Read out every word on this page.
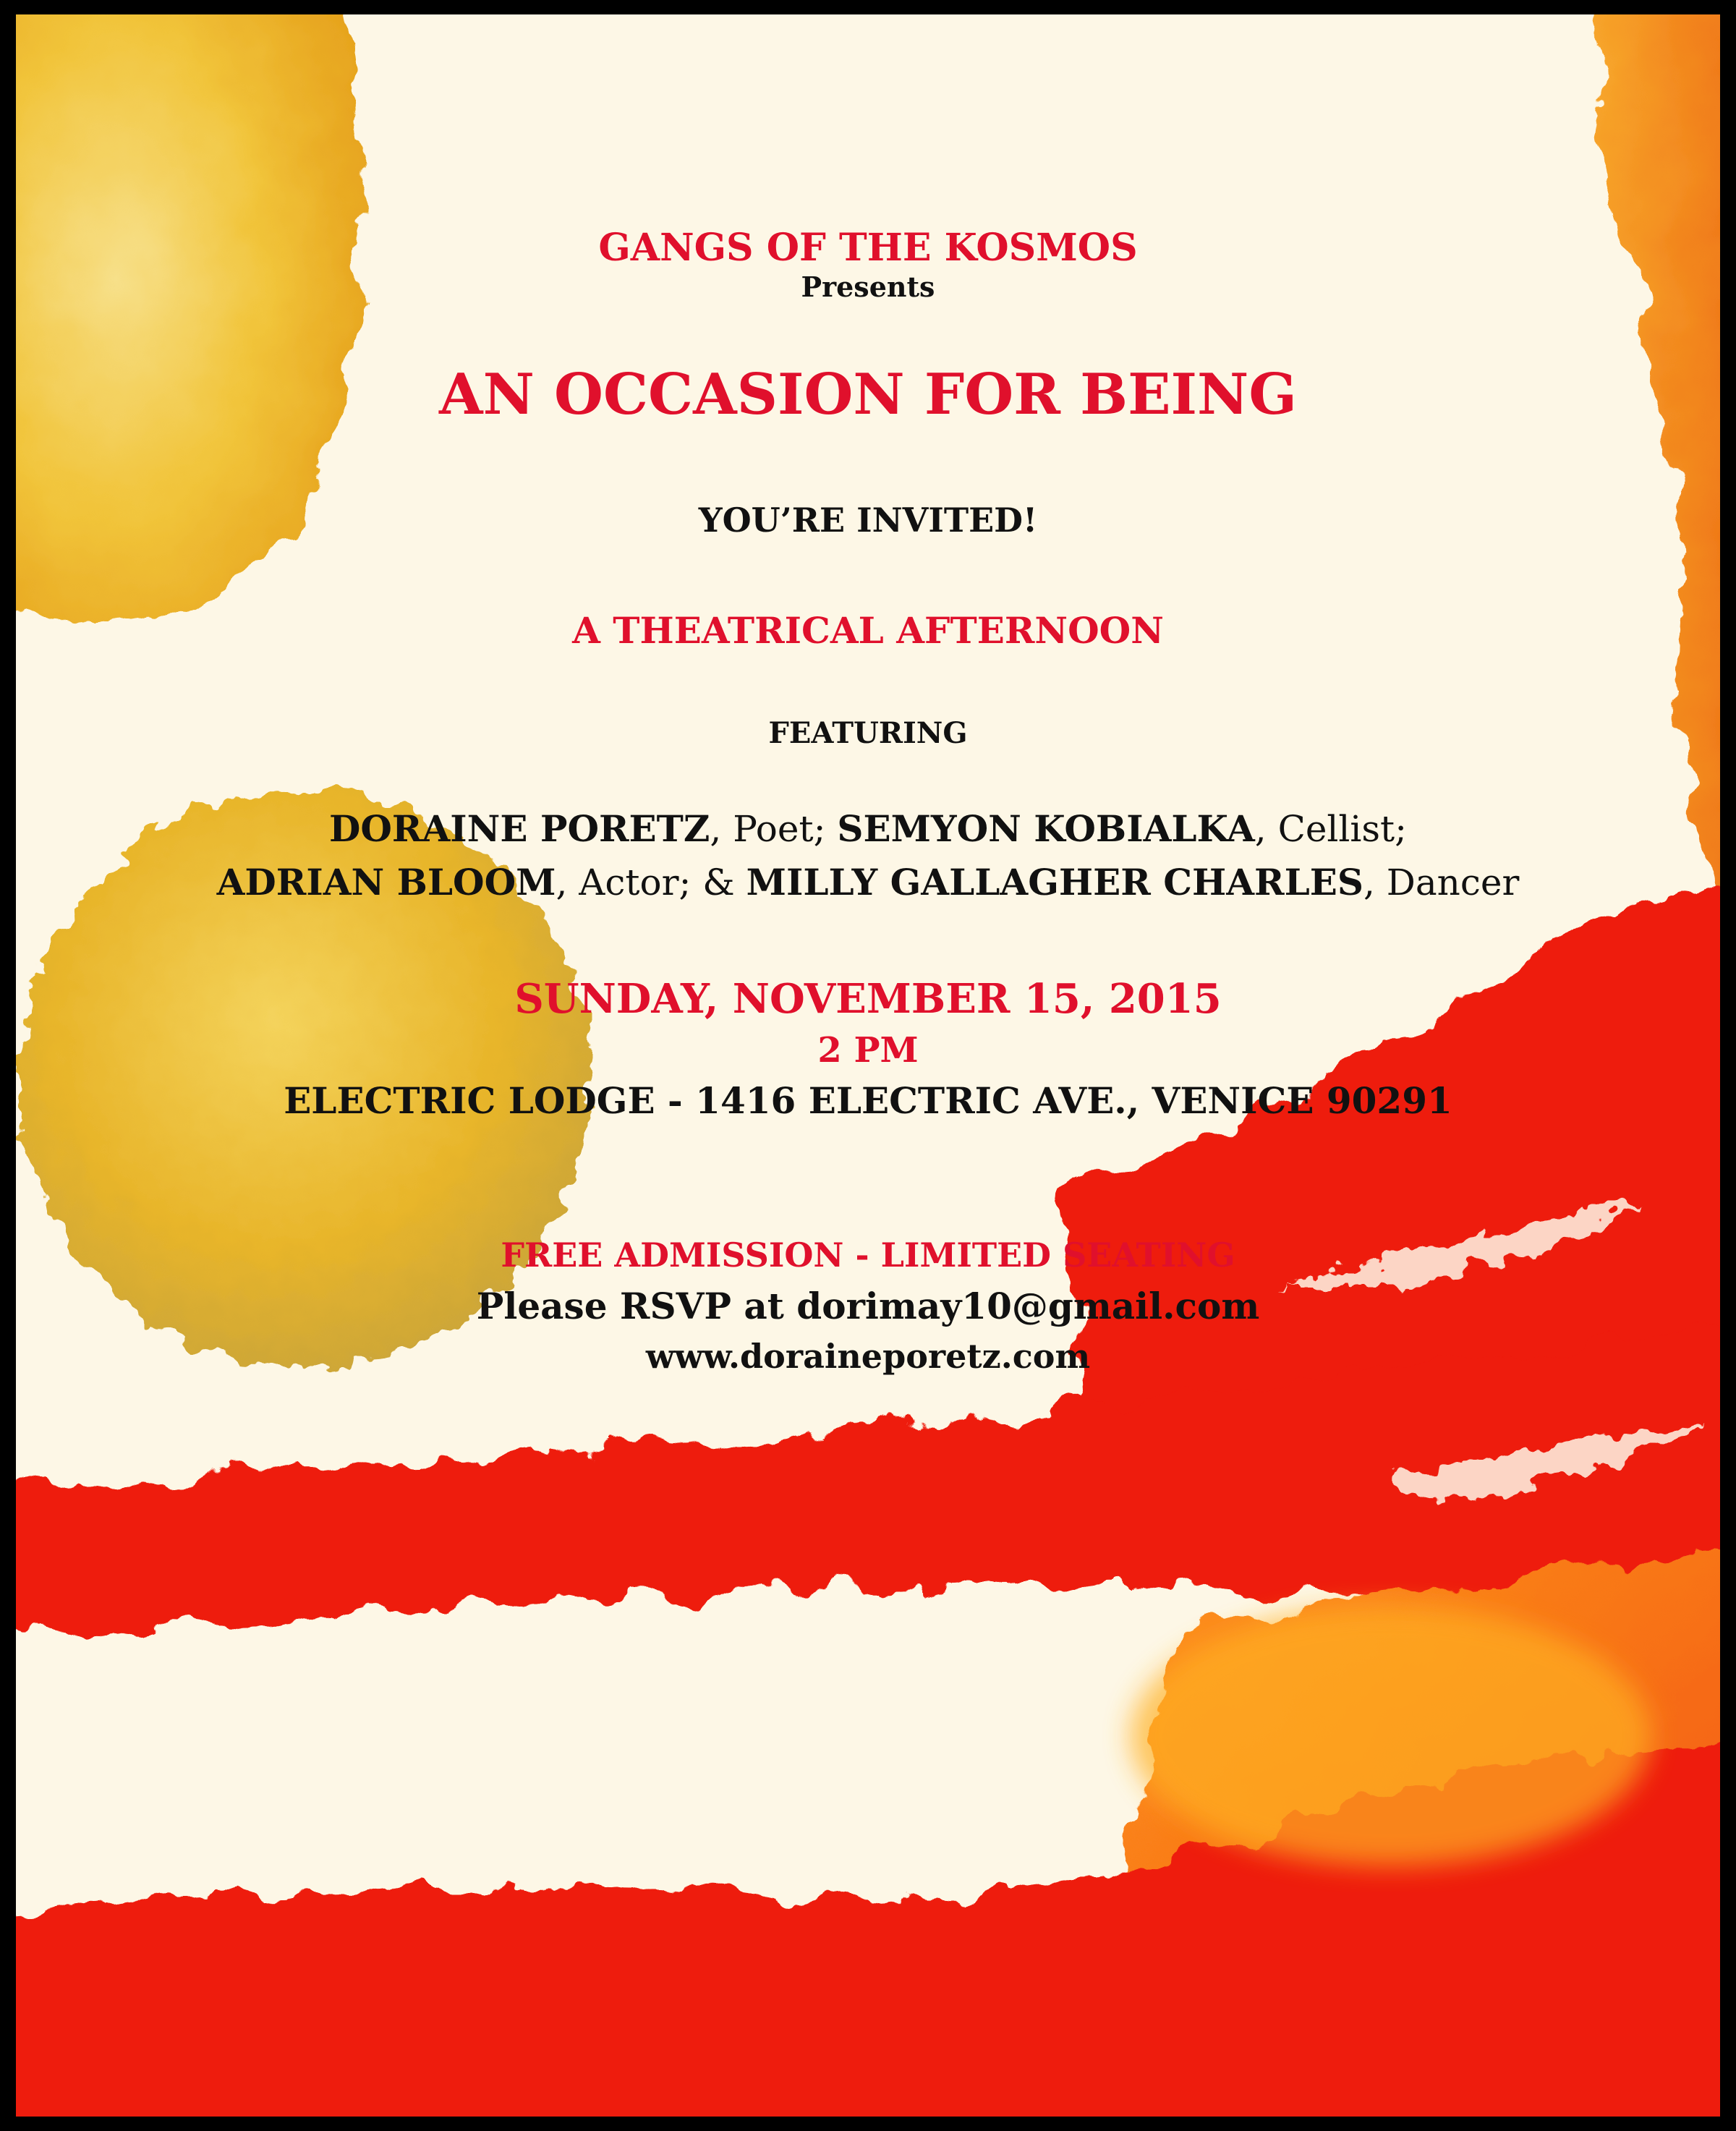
GANGS OF THE KOSMOS
Presents
AN OCCASION FOR BEING
YOU’RE INVITED!
A THEATRICAL AFTERNOON
FEATURING
DORAINE PORETZ, Poet; SEMYON KOBIALKA, Cellist;
ADRIAN BLOOM, Actor; & MILLY GALLAGHER CHARLES, Dancer
SUNDAY, NOVEMBER 15, 2015
2 PM
ELECTRIC LODGE - 1416 ELECTRIC AVE., VENICE 90291
FREE ADMISSION - LIMITED SEATING
Please RSVP at dorimay10@gmail.com
www.doraineporetz.com
